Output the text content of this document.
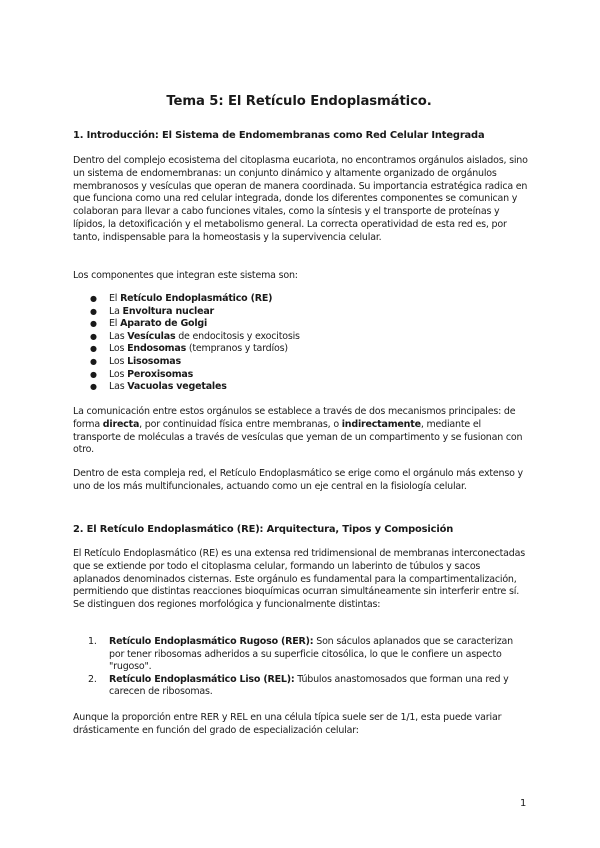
Tema 5: El Retículo Endoplasmático.
1. Introducción: El Sistema de Endomembranas como Red Celular Integrada
Dentro del complejo ecosistema del citoplasma eucariota, no encontramos orgánulos aislados, sino un sistema de endomembranas: un conjunto dinámico y altamente organizado de orgánulos membranosos y vesículas que operan de manera coordinada. Su importancia estratégica radica en que funciona como una red celular integrada, donde los diferentes componentes se comunican y colaboran para llevar a cabo funciones vitales, como la síntesis y el transporte de proteínas y lípidos, la detoxificación y el metabolismo general. La correcta operatividad de esta red es, por tanto, indispensable para la homeostasis y la supervivencia celular.
Los componentes que integran este sistema son:
● El Retículo Endoplasmático (RE)
● La Envoltura nuclear
● El Aparato de Golgi
● Las Vesículas de endocitosis y exocitosis
● Los Endosomas (tempranos y tardíos)
● Los Lisosomas
● Los Peroxisomas
● Las Vacuolas vegetales
La comunicación entre estos orgánulos se establece a través de dos mecanismos principales: de forma directa, por continuidad física entre membranas, o indirectamente, mediante el transporte de moléculas a través de vesículas que yeman de un compartimento y se fusionan con otro.
Dentro de esta compleja red, el Retículo Endoplasmático se erige como el orgánulo más extenso y uno de los más multifuncionales, actuando como un eje central en la fisiología celular.
2. El Retículo Endoplasmático (RE): Arquitectura, Tipos y Composición
El Retículo Endoplasmático (RE) es una extensa red tridimensional de membranas interconectadas que se extiende por todo el citoplasma celular, formando un laberinto de túbulos y sacos aplanados denominados cisternas. Este orgánulo es fundamental para la compartimentalización, permitiendo que distintas reacciones bioquímicas ocurran simultáneamente sin interferir entre sí. Se distinguen dos regiones morfológica y funcionalmente distintas:
1. Retículo Endoplasmático Rugoso (RER): Son sáculos aplanados que se caracterizan por tener ribosomas adheridos a su superficie citosólica, lo que le confiere un aspecto "rugoso".
2. Retículo Endoplasmático Liso (REL): Túbulos anastomosados que forman una red y carecen de ribosomas.
Aunque la proporción entre RER y REL en una célula típica suele ser de 1/1, esta puede variar drásticamente en función del grado de especialización celular:
1
